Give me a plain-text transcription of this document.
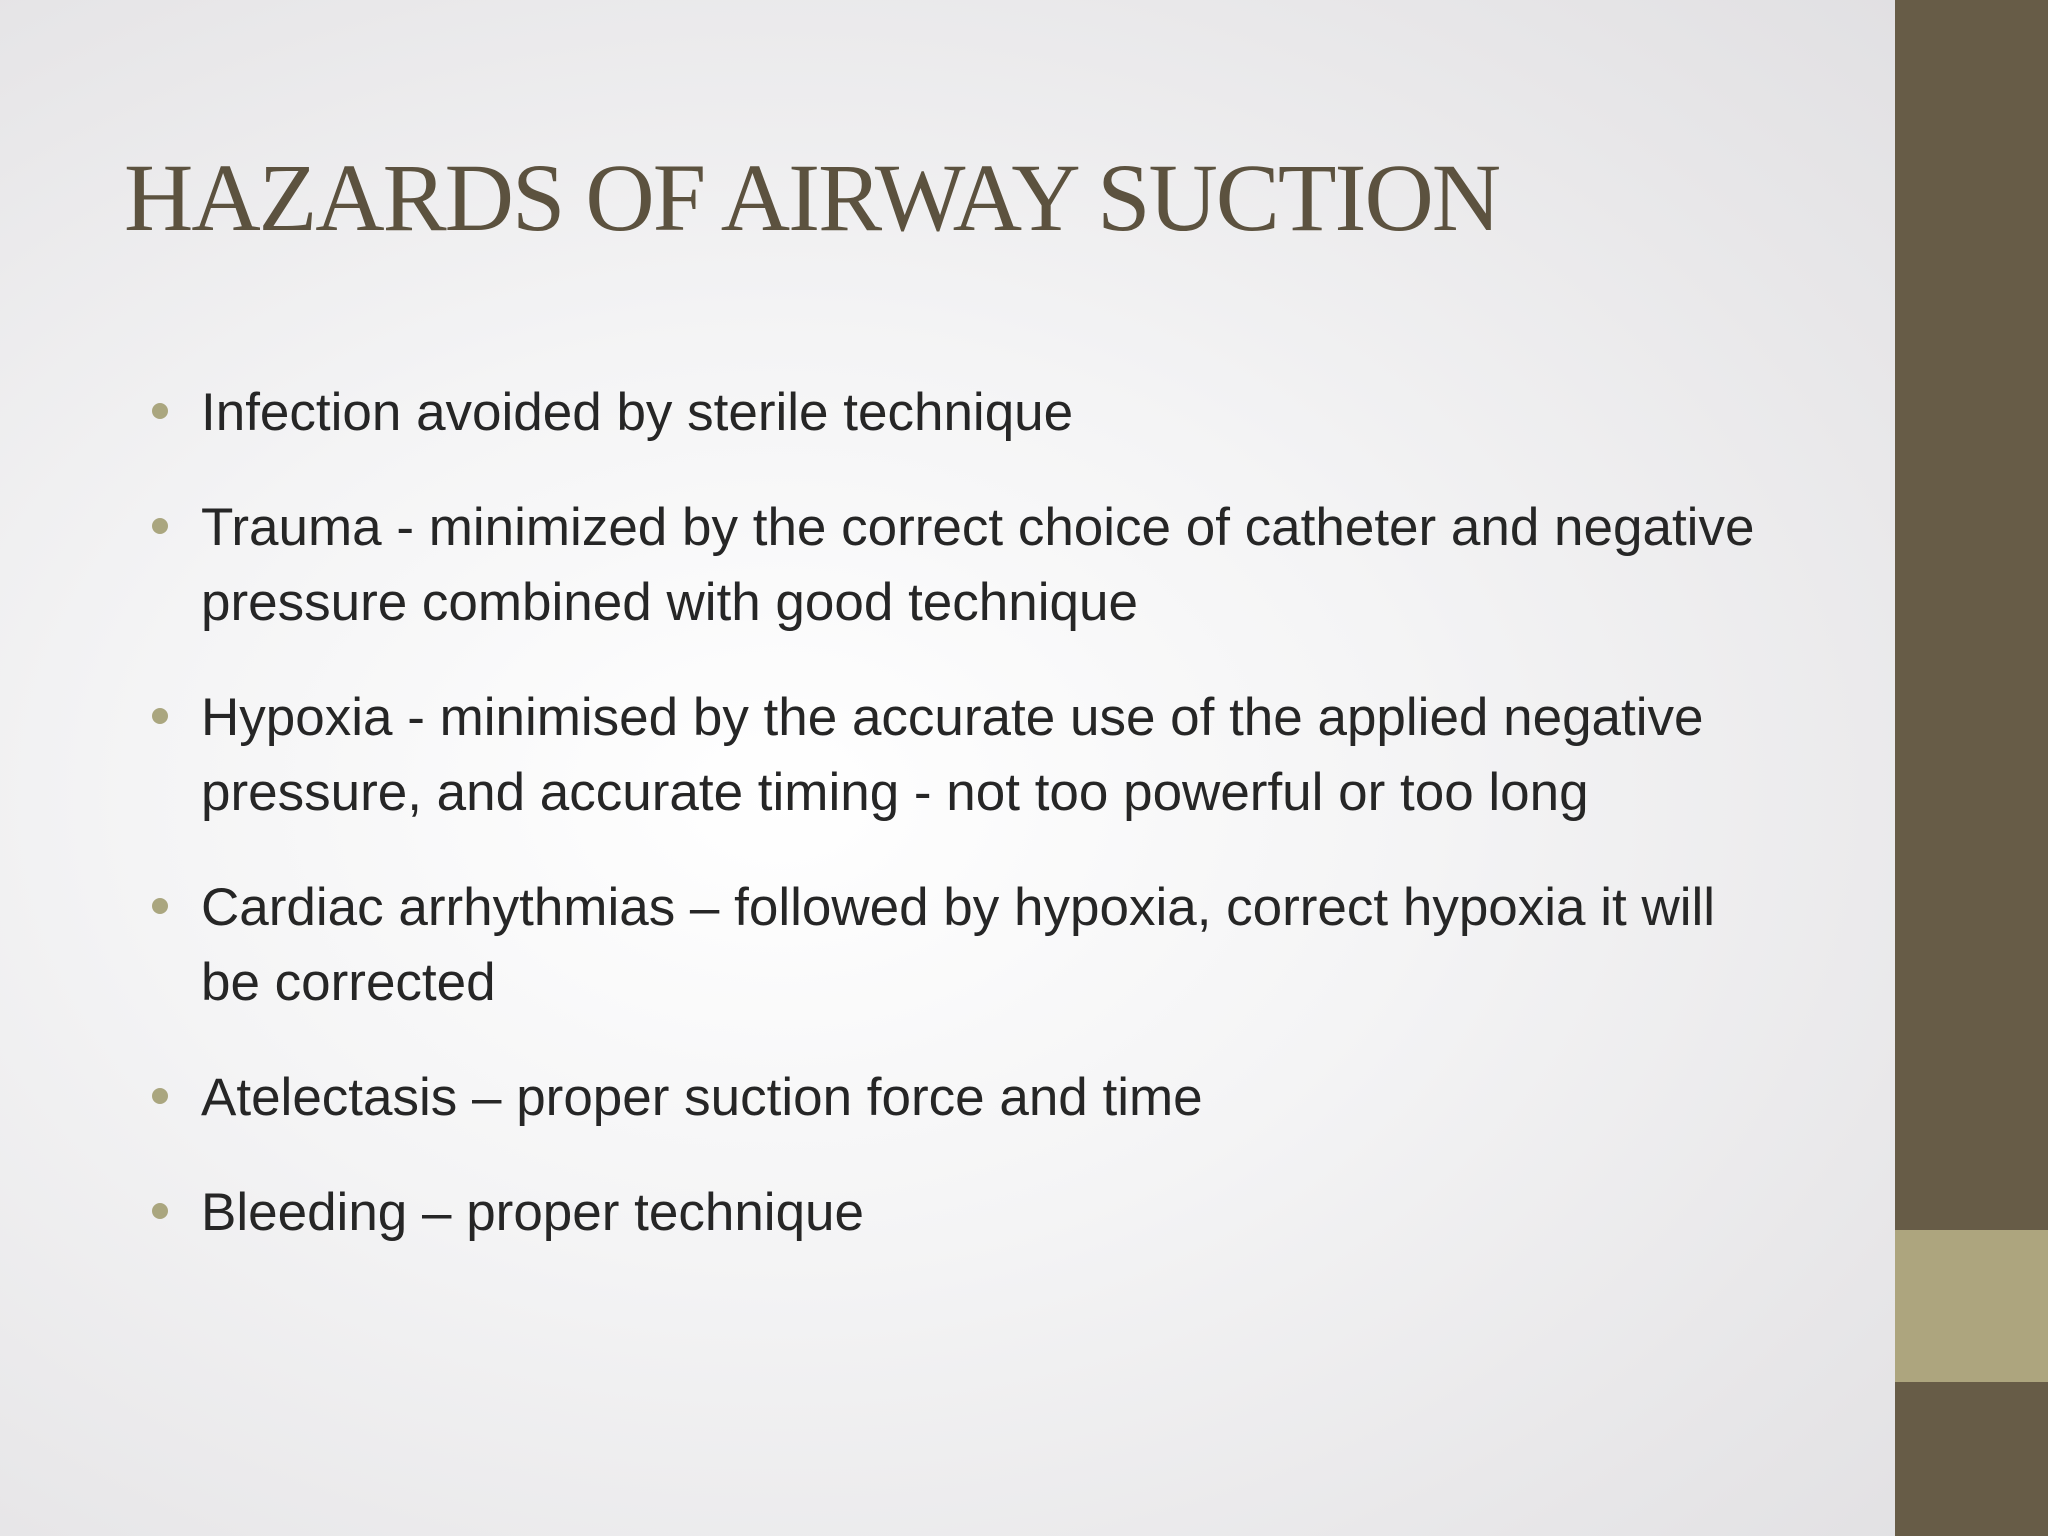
HAZARDS OF AIRWAY SUCTION
Infection avoided by sterile technique
Trauma - minimized by the correct choice of catheter and negative pressure combined with good technique
Hypoxia - minimised by the accurate use of the applied negative pressure, and accurate timing - not too powerful or too long
Cardiac arrhythmias – followed by hypoxia, correct hypoxia it will be corrected
Atelectasis – proper suction force and time
Bleeding – proper technique
